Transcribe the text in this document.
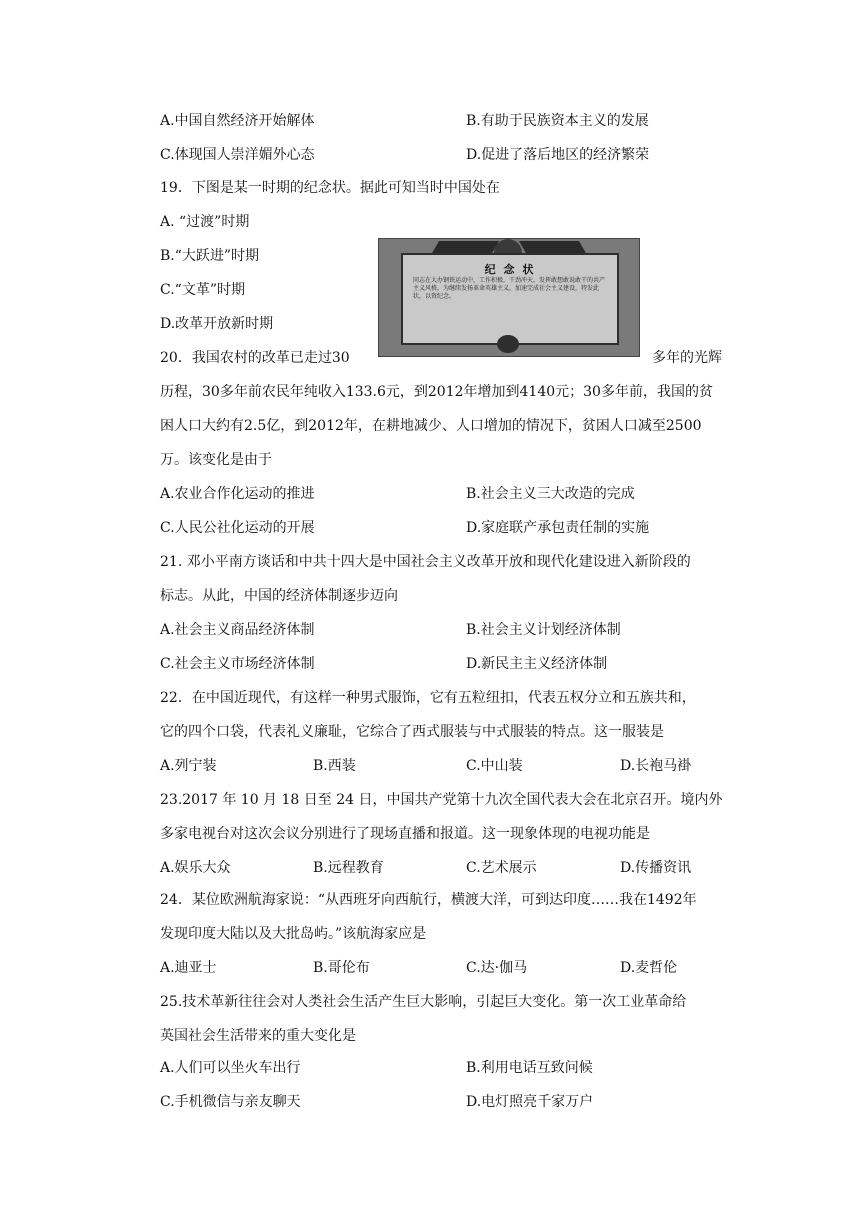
A.中国自然经济开始解体	B.有助于民族资本主义的发展
C.体现国人崇洋媚外心态	D.促进了落后地区的经济繁荣
19．下图是某一时期的纪念状。据此可知当时中国处在
A. “过渡”时期
B.“大跃进”时期
C.“文革”时期
D.改革开放新时期
纪 念 状
同志在大办钢铁运动中，工作积极，干劲冲天，发挥敢想敢说敢干的共产主义风格，为继续发扬革命英雄主义，加速完成社会主义建设，特发此状，以资纪念。
20．我国农村的改革已走过30	多年的光辉
历程，30多年前农民年纯收入133.6元，到2012年增加到4140元；30多年前，我国的贫
困人口大约有2.5亿，到2012年，在耕地减少、人口增加的情况下，贫困人口减至2500
万。该变化是由于
A.农业合作化运动的推进	B.社会主义三大改造的完成
C.人民公社化运动的开展	D.家庭联产承包责任制的实施
21. 邓小平南方谈话和中共十四大是中国社会主义改革开放和现代化建设进入新阶段的
标志。从此，中国的经济体制逐步迈向
A.社会主义商品经济体制	B.社会主义计划经济体制
C.社会主义市场经济体制	D.新民主主义经济体制
22．在中国近现代，有这样一种男式服饰，它有五粒纽扣，代表五权分立和五族共和，
它的四个口袋，代表礼义廉耻，它综合了西式服装与中式服装的特点。这一服装是
A.列宁装	B.西装	C.中山装	D.长袍马褂
23.2017 年 10 月 18 日至 24 日，中国共产党第十九次全国代表大会在北京召开。境内外
多家电视台对这次会议分别进行了现场直播和报道。这一现象体现的电视功能是
A.娱乐大众	B.远程教育	C.艺术展示	D.传播资讯
24．某位欧洲航海家说：“从西班牙向西航行，横渡大洋，可到达印度……我在1492年
发现印度大陆以及大批岛屿。”该航海家应是
A.迪亚士	B.哥伦布	C.达·伽马	D.麦哲伦
25.技术革新往往会对人类社会生活产生巨大影响，引起巨大变化。第一次工业革命给
英国社会生活带来的重大变化是
A.人们可以坐火车出行	B.利用电话互致问候
C.手机微信与亲友聊天	D.电灯照亮千家万户
